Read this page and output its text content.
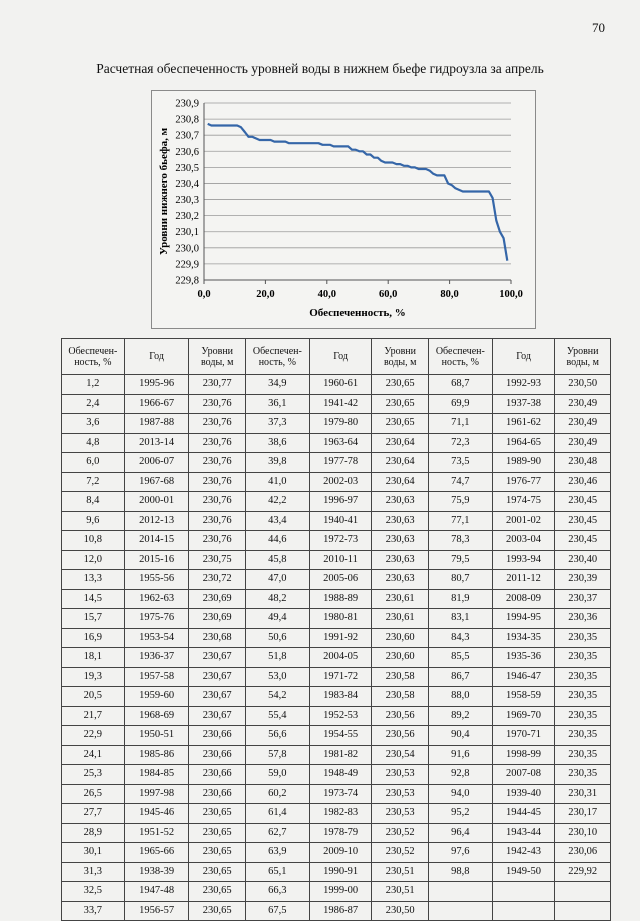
70
Расчетная обеспеченность уровней воды в нижнем бьефе гидроузла за апрель
229,8
229,9
230,0
230,1
230,2
230,3
230,4
230,5
230,6
230,7
230,8
230,9
0,0	20,0	40,0	60,0	80,0	100,0
Обеспеченность, %
Уровни нижнего бьефа, м
Обеспечен-ность, %	Год	Уровни воды, м	Обеспечен-ность, %	Год	Уровни воды, м	Обеспечен-ность, %	Год	Уровни воды, м
1,2	1995-96	230,77	34,9	1960-61	230,65	68,7	1992-93	230,50
2,4	1966-67	230,76	36,1	1941-42	230,65	69,9	1937-38	230,49
3,6	1987-88	230,76	37,3	1979-80	230,65	71,1	1961-62	230,49
4,8	2013-14	230,76	38,6	1963-64	230,64	72,3	1964-65	230,49
6,0	2006-07	230,76	39,8	1977-78	230,64	73,5	1989-90	230,48
7,2	1967-68	230,76	41,0	2002-03	230,64	74,7	1976-77	230,46
8,4	2000-01	230,76	42,2	1996-97	230,63	75,9	1974-75	230,45
9,6	2012-13	230,76	43,4	1940-41	230,63	77,1	2001-02	230,45
10,8	2014-15	230,76	44,6	1972-73	230,63	78,3	2003-04	230,45
12,0	2015-16	230,75	45,8	2010-11	230,63	79,5	1993-94	230,40
13,3	1955-56	230,72	47,0	2005-06	230,63	80,7	2011-12	230,39
14,5	1962-63	230,69	48,2	1988-89	230,61	81,9	2008-09	230,37
15,7	1975-76	230,69	49,4	1980-81	230,61	83,1	1994-95	230,36
16,9	1953-54	230,68	50,6	1991-92	230,60	84,3	1934-35	230,35
18,1	1936-37	230,67	51,8	2004-05	230,60	85,5	1935-36	230,35
19,3	1957-58	230,67	53,0	1971-72	230,58	86,7	1946-47	230,35
20,5	1959-60	230,67	54,2	1983-84	230,58	88,0	1958-59	230,35
21,7	1968-69	230,67	55,4	1952-53	230,56	89,2	1969-70	230,35
22,9	1950-51	230,66	56,6	1954-55	230,56	90,4	1970-71	230,35
24,1	1985-86	230,66	57,8	1981-82	230,54	91,6	1998-99	230,35
25,3	1984-85	230,66	59,0	1948-49	230,53	92,8	2007-08	230,35
26,5	1997-98	230,66	60,2	1973-74	230,53	94,0	1939-40	230,31
27,7	1945-46	230,65	61,4	1982-83	230,53	95,2	1944-45	230,17
28,9	1951-52	230,65	62,7	1978-79	230,52	96,4	1943-44	230,10
30,1	1965-66	230,65	63,9	2009-10	230,52	97,6	1942-43	230,06
31,3	1938-39	230,65	65,1	1990-91	230,51	98,8	1949-50	229,92
32,5	1947-48	230,65	66,3	1999-00	230,51			
33,7	1956-57	230,65	67,5	1986-87	230,50			
